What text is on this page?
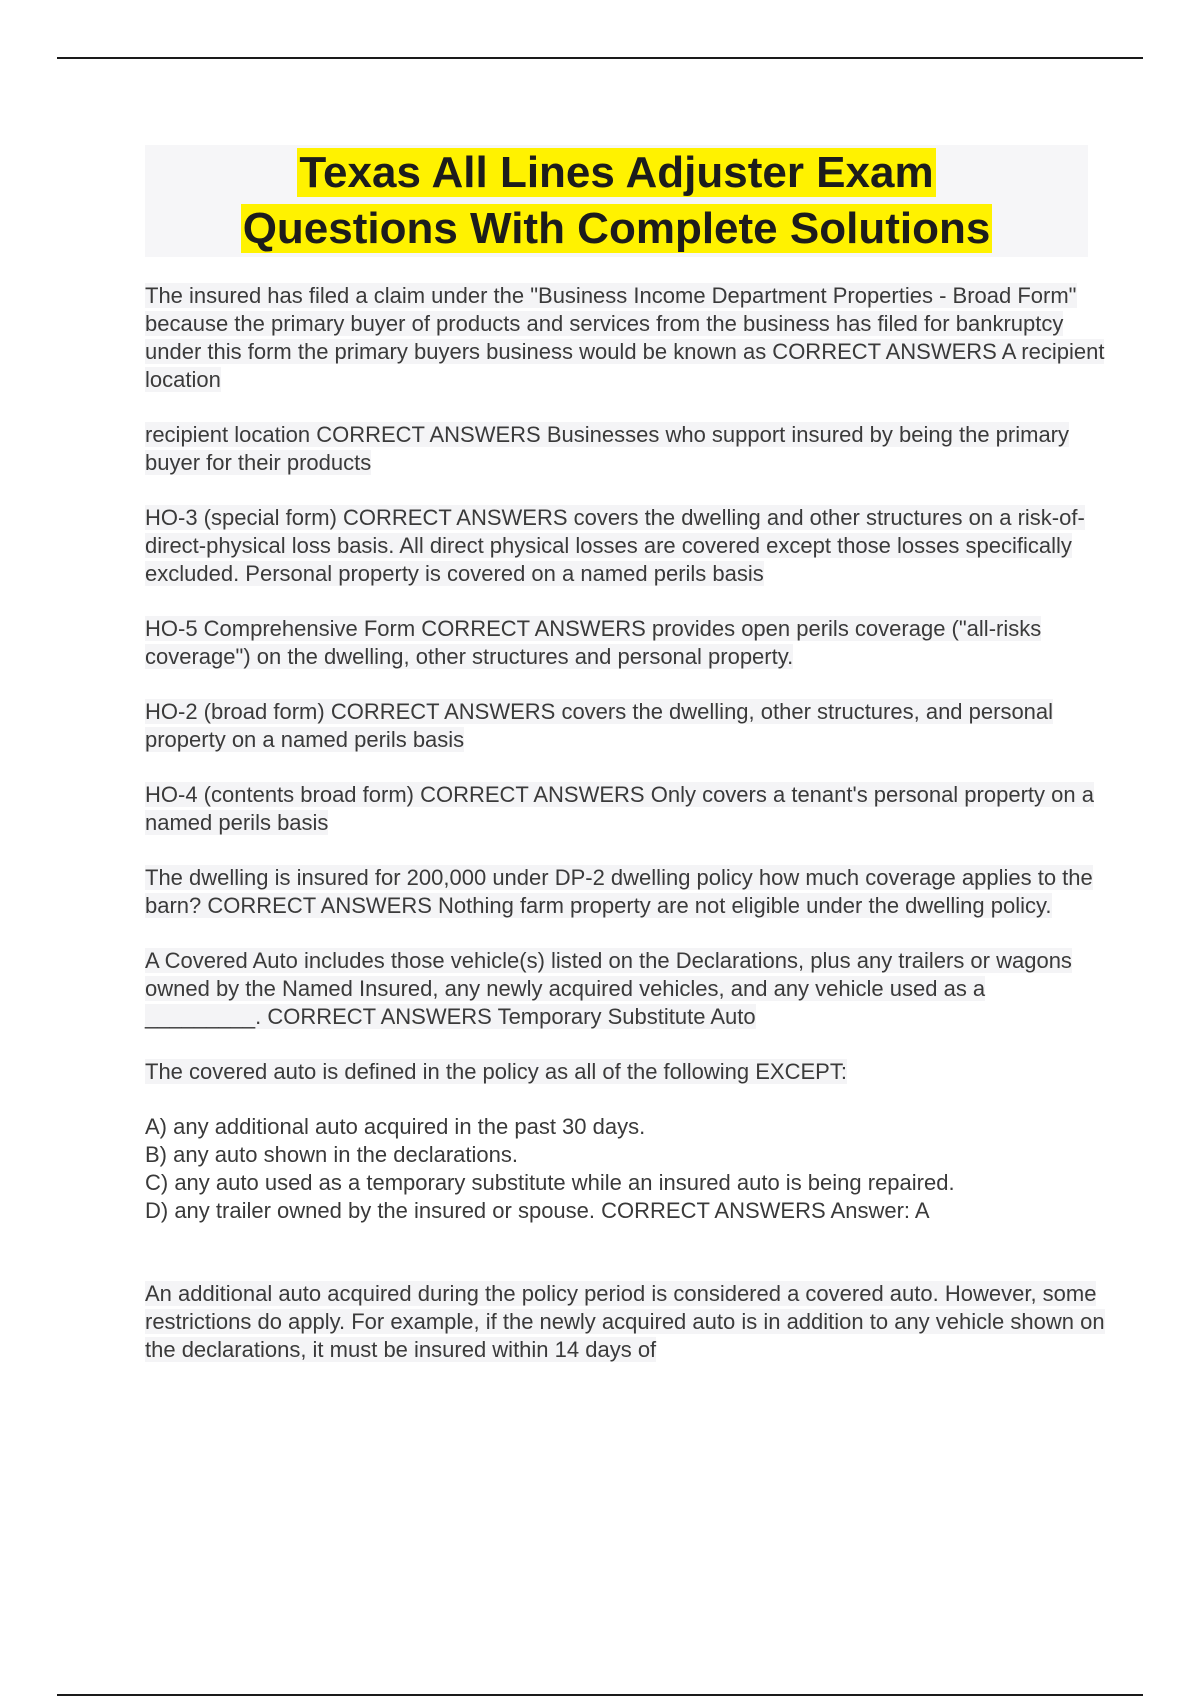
Texas All Lines Adjuster Exam
Questions With Complete Solutions

The insured has filed a claim under the "Business Income Department Properties - Broad Form" because the primary buyer of products and services from the business has filed for bankruptcy under this form the primary buyers business would be known as CORRECT ANSWERS A recipient location

recipient location CORRECT ANSWERS Businesses who support insured by being the primary buyer for their products

HO-3 (special form) CORRECT ANSWERS covers the dwelling and other structures on a risk-of-direct-physical loss basis. All direct physical losses are covered except those losses specifically excluded. Personal property is covered on a named perils basis

HO-5 Comprehensive Form CORRECT ANSWERS provides open perils coverage ("all-risks coverage") on the dwelling, other structures and personal property.

HO-2 (broad form) CORRECT ANSWERS covers the dwelling, other structures, and personal property on a named perils basis

HO-4 (contents broad form) CORRECT ANSWERS Only covers a tenant's personal property on a named perils basis

The dwelling is insured for 200,000 under DP-2 dwelling policy how much coverage applies to the barn? CORRECT ANSWERS Nothing farm property are not eligible under the dwelling policy.

A Covered Auto includes those vehicle(s) listed on the Declarations, plus any trailers or wagons owned by the Named Insured, any newly acquired vehicles, and any vehicle used as a _________. CORRECT ANSWERS Temporary Substitute Auto

The covered auto is defined in the policy as all of the following EXCEPT:

A) any additional auto acquired in the past 30 days.
B) any auto shown in the declarations.
C) any auto used as a temporary substitute while an insured auto is being repaired.
D) any trailer owned by the insured or spouse. CORRECT ANSWERS Answer: A

An additional auto acquired during the policy period is considered a covered auto. However, some restrictions do apply. For example, if the newly acquired auto is in addition to any vehicle shown on the declarations, it must be insured within 14 days of
